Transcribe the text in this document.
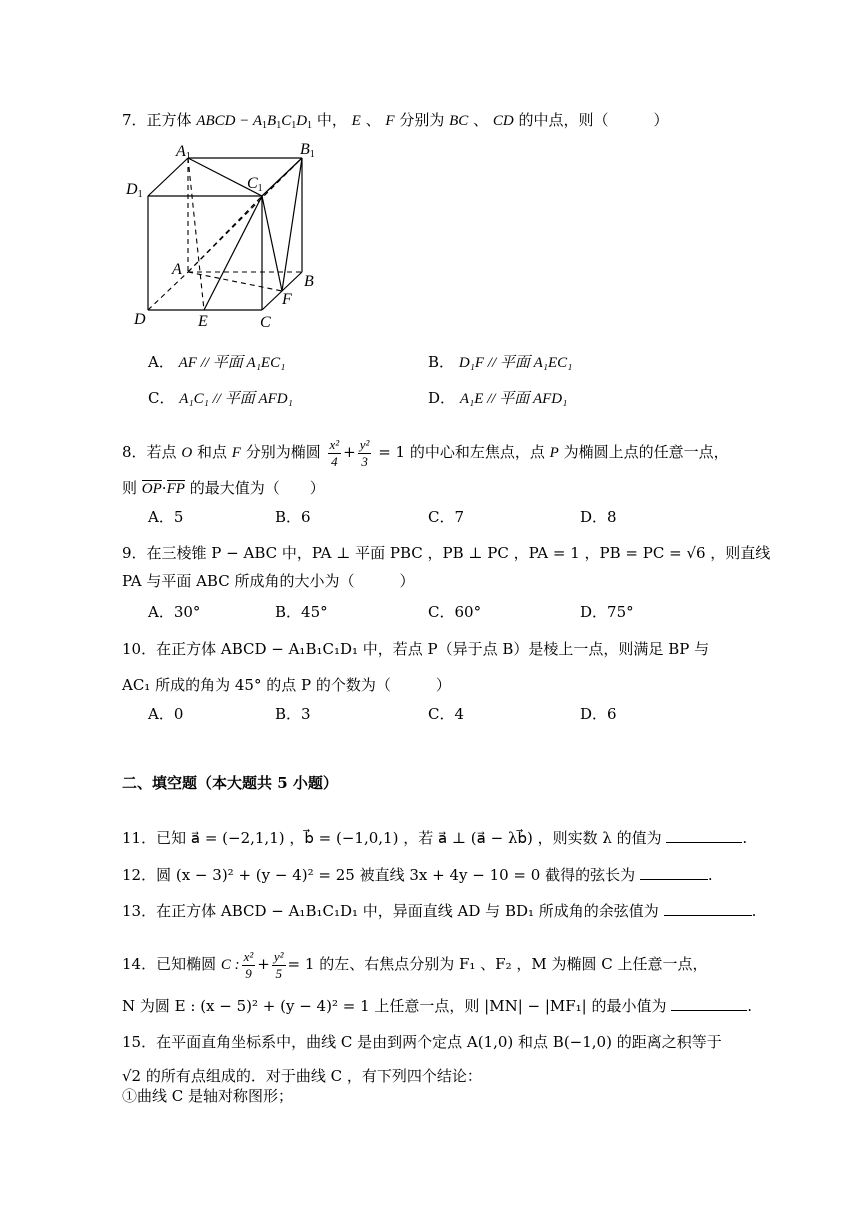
7．正方体 ABCD − $A_1B_1C_1D_1$ 中， E 、 F 分别为 BC 、 CD 的中点，则（　　　）
A1	B1
C1
D1
A
B
C
D	E
F
A． AF // 平面 A₁EC₁	B． D₁F // 平面 A₁EC₁
C． A₁C₁ // 平面 AFD₁	D． A₁E // 平面 AFD₁
8．若点 O 和点 F 分别为椭圆 $\frac{\text{x²}}{4} + \frac{\text{y²}}{3} = 1$ 的中心和左焦点，点 P 为椭圆上点的任意一点，
则 OP·FP 的最大值为（　　）
A．5	B．6	C．7	D．8
9．在三棱锥 P − ABC 中，PA ⊥ 平面 PBC ，PB ⊥ PC ，PA = 1 ，PB = PC = √6 ，则直线
PA 与平面 ABC 所成角的大小为（　　　）
A．30°	B．45°	C．60°	D．75°
10．在正方体 ABCD − A₁B₁C₁D₁ 中，若点 P（异于点 B）是棱上一点，则满足 BP 与
AC₁ 所成的角为 45° 的点 P 的个数为（　　　）
A．0	B．3	C．4	D．6
二、填空题（本大题共 5 小题）
11．已知 a⃗ = (−2,1,1) ，b⃗ = (−1,0,1) ，若 a⃗ ⊥ (a⃗ − λb⃗) ，则实数 λ 的值为	.
12．圆 (x − 3)² + (y − 4)² = 25 被直线 3x + 4y − 10 = 0 截得的弦长为	.
13．在正方体 ABCD − A₁B₁C₁D₁ 中，异面直线 AD 与 BD₁ 所成角的余弦值为	.
14．已知椭圆 C : $\frac{\text{x²}}{9} + \frac{\text{y²}}{5} = 1$ 的左、右焦点分别为 F₁ 、F₂ ，M 为椭圆 C 上任意一点，
N 为圆 E : (x − 5)² + (y − 4)² = 1 上任意一点，则 |MN| − |MF₁| 的最小值为	.
15．在平面直角坐标系中，曲线 C 是由到两个定点 A(1,0) 和点 B(−1,0) 的距离之积等于
√2 的所有点组成的．对于曲线 C ，有下列四个结论：
①曲线 C 是轴对称图形；
